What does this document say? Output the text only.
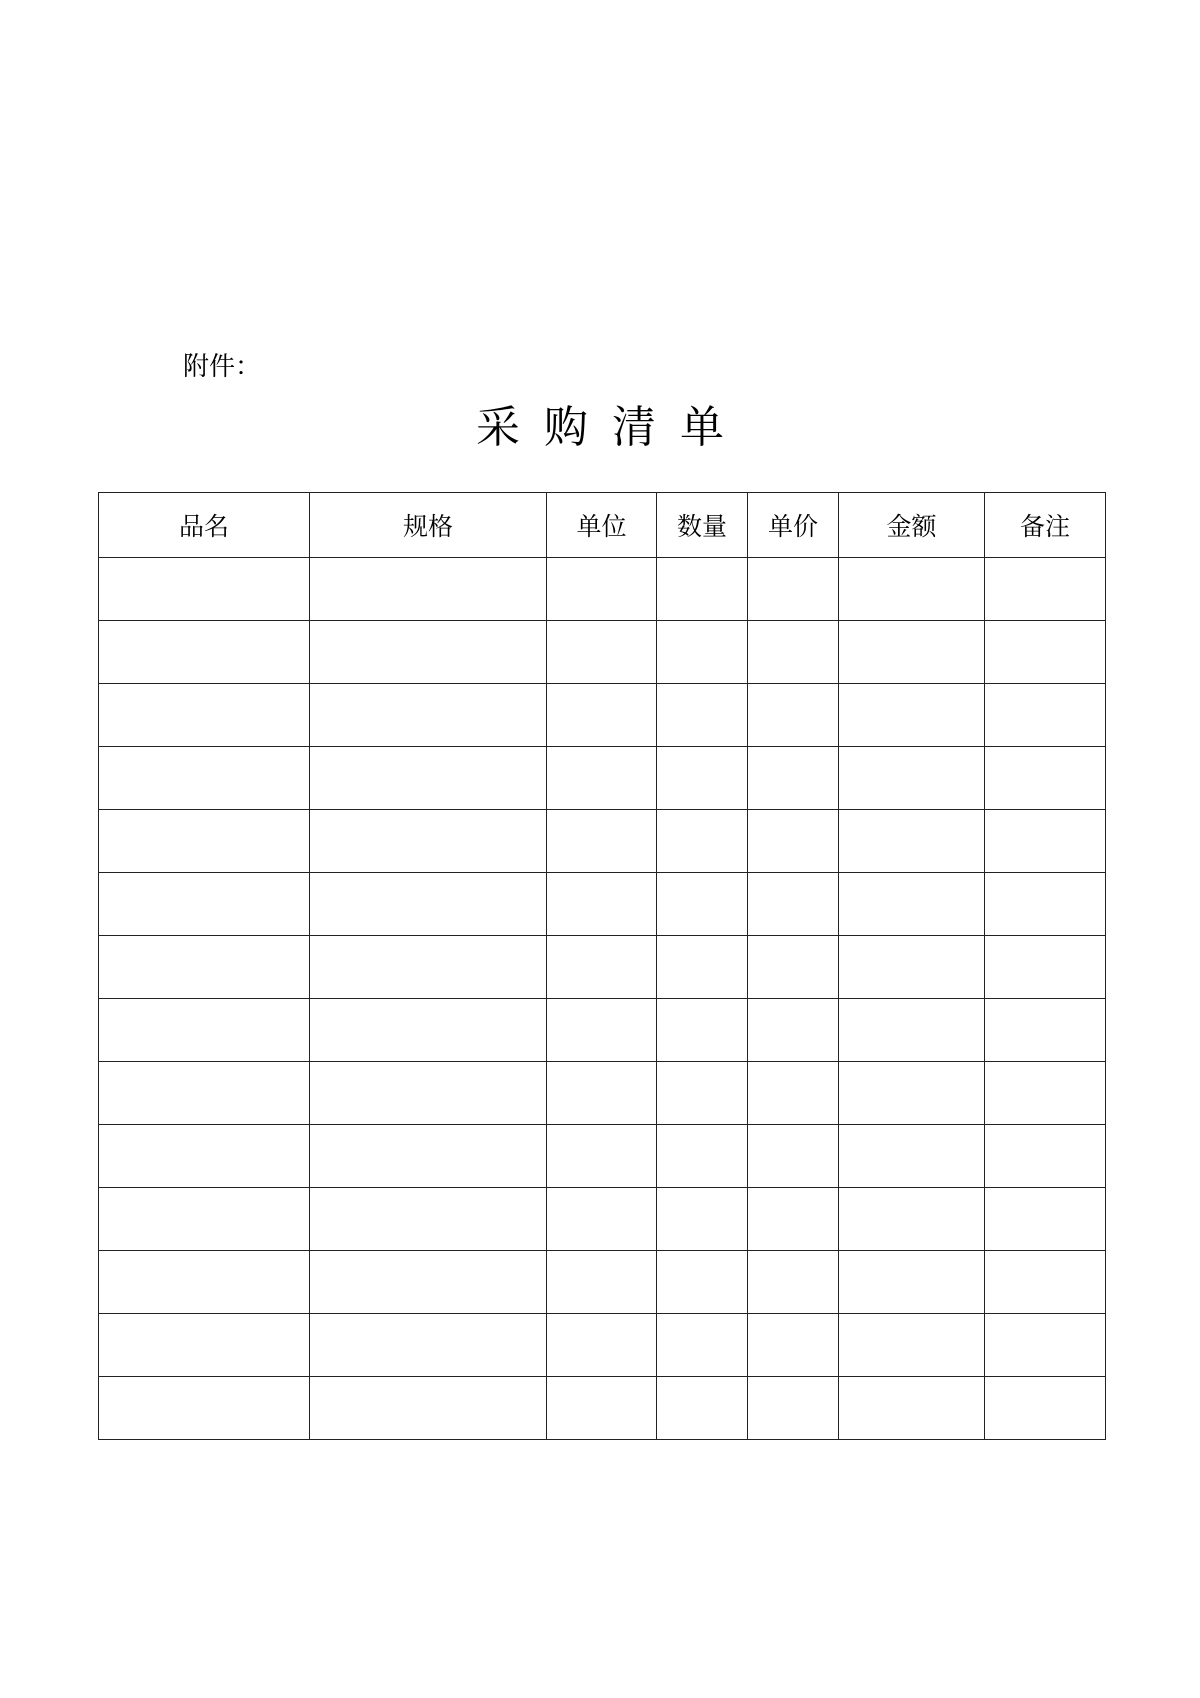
附件：
采 购 清 单
品名	规格	单位	数量	单价	金额	备注
